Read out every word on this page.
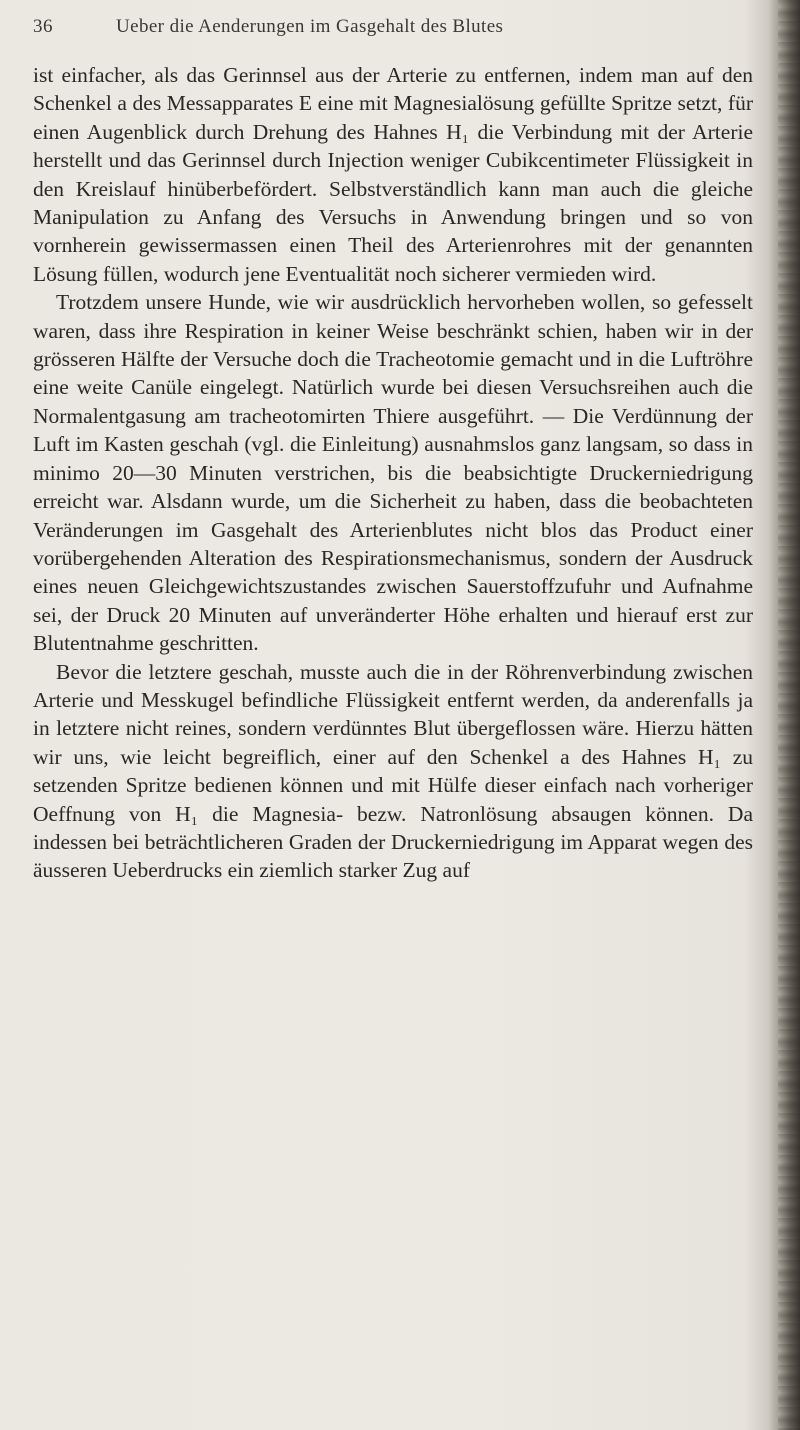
36	Ueber die Aenderungen im Gasgehalt des Blutes

ist einfacher, als das Gerinnsel aus der Arterie zu entfernen, indem man auf den Schenkel a des Messapparates E eine mit Magnesialösung gefüllte Spritze setzt, für einen Augenblick durch Drehung des Hahnes H₁ die Verbindung mit der Arterie herstellt und das Gerinnsel durch Injection weniger Cubikcentimeter Flüssigkeit in den Kreislauf hinüberbefördert. Selbstverständlich kann man auch die gleiche Manipulation zu Anfang des Versuchs in Anwendung bringen und so von vornherein gewissermassen einen Theil des Arterienrohres mit der genannten Lösung füllen, wodurch jene Eventualität noch sicherer vermieden wird.

Trotzdem unsere Hunde, wie wir ausdrücklich hervorheben wollen, so gefesselt waren, dass ihre Respiration in keiner Weise beschränkt schien, haben wir in der grösseren Hälfte der Versuche doch die Tracheotomie gemacht und in die Luftröhre eine weite Canüle eingelegt. Natürlich wurde bei diesen Versuchsreihen auch die Normalentgasung am tracheotomirten Thiere ausgeführt. — Die Verdünnung der Luft im Kasten geschah (vgl. die Einleitung) ausnahmslos ganz langsam, so dass in minimo 20—30 Minuten verstrichen, bis die beabsichtigte Druckerniedrigung erreicht war. Alsdann wurde, um die Sicherheit zu haben, dass die beobachteten Veränderungen im Gasgehalt des Arterienblutes nicht blos das Product einer vorübergehenden Alteration des Respirationsmechanismus, sondern der Ausdruck eines neuen Gleichgewichtszustandes zwischen Sauerstoffzufuhr und Aufnahme sei, der Druck 20 Minuten auf unveränderter Höhe erhalten und hierauf erst zur Blutentnahme geschritten.

Bevor die letztere geschah, musste auch die in der Röhrenverbindung zwischen Arterie und Messkugel befindliche Flüssigkeit entfernt werden, da anderenfalls ja in letztere nicht reines, sondern verdünntes Blut übergeflossen wäre. Hierzu hätten wir uns, wie leicht begreiflich, einer auf den Schenkel a des Hahnes H₁ zu setzenden Spritze bedienen können und mit Hülfe dieser einfach nach vorheriger Oeffnung von H₁ die Magnesia- bezw. Natronlösung absaugen können. Da indessen bei beträchtlicheren Graden der Druckerniedrigung im Apparat wegen des äusseren Ueberdrucks ein ziemlich starker Zug auf
